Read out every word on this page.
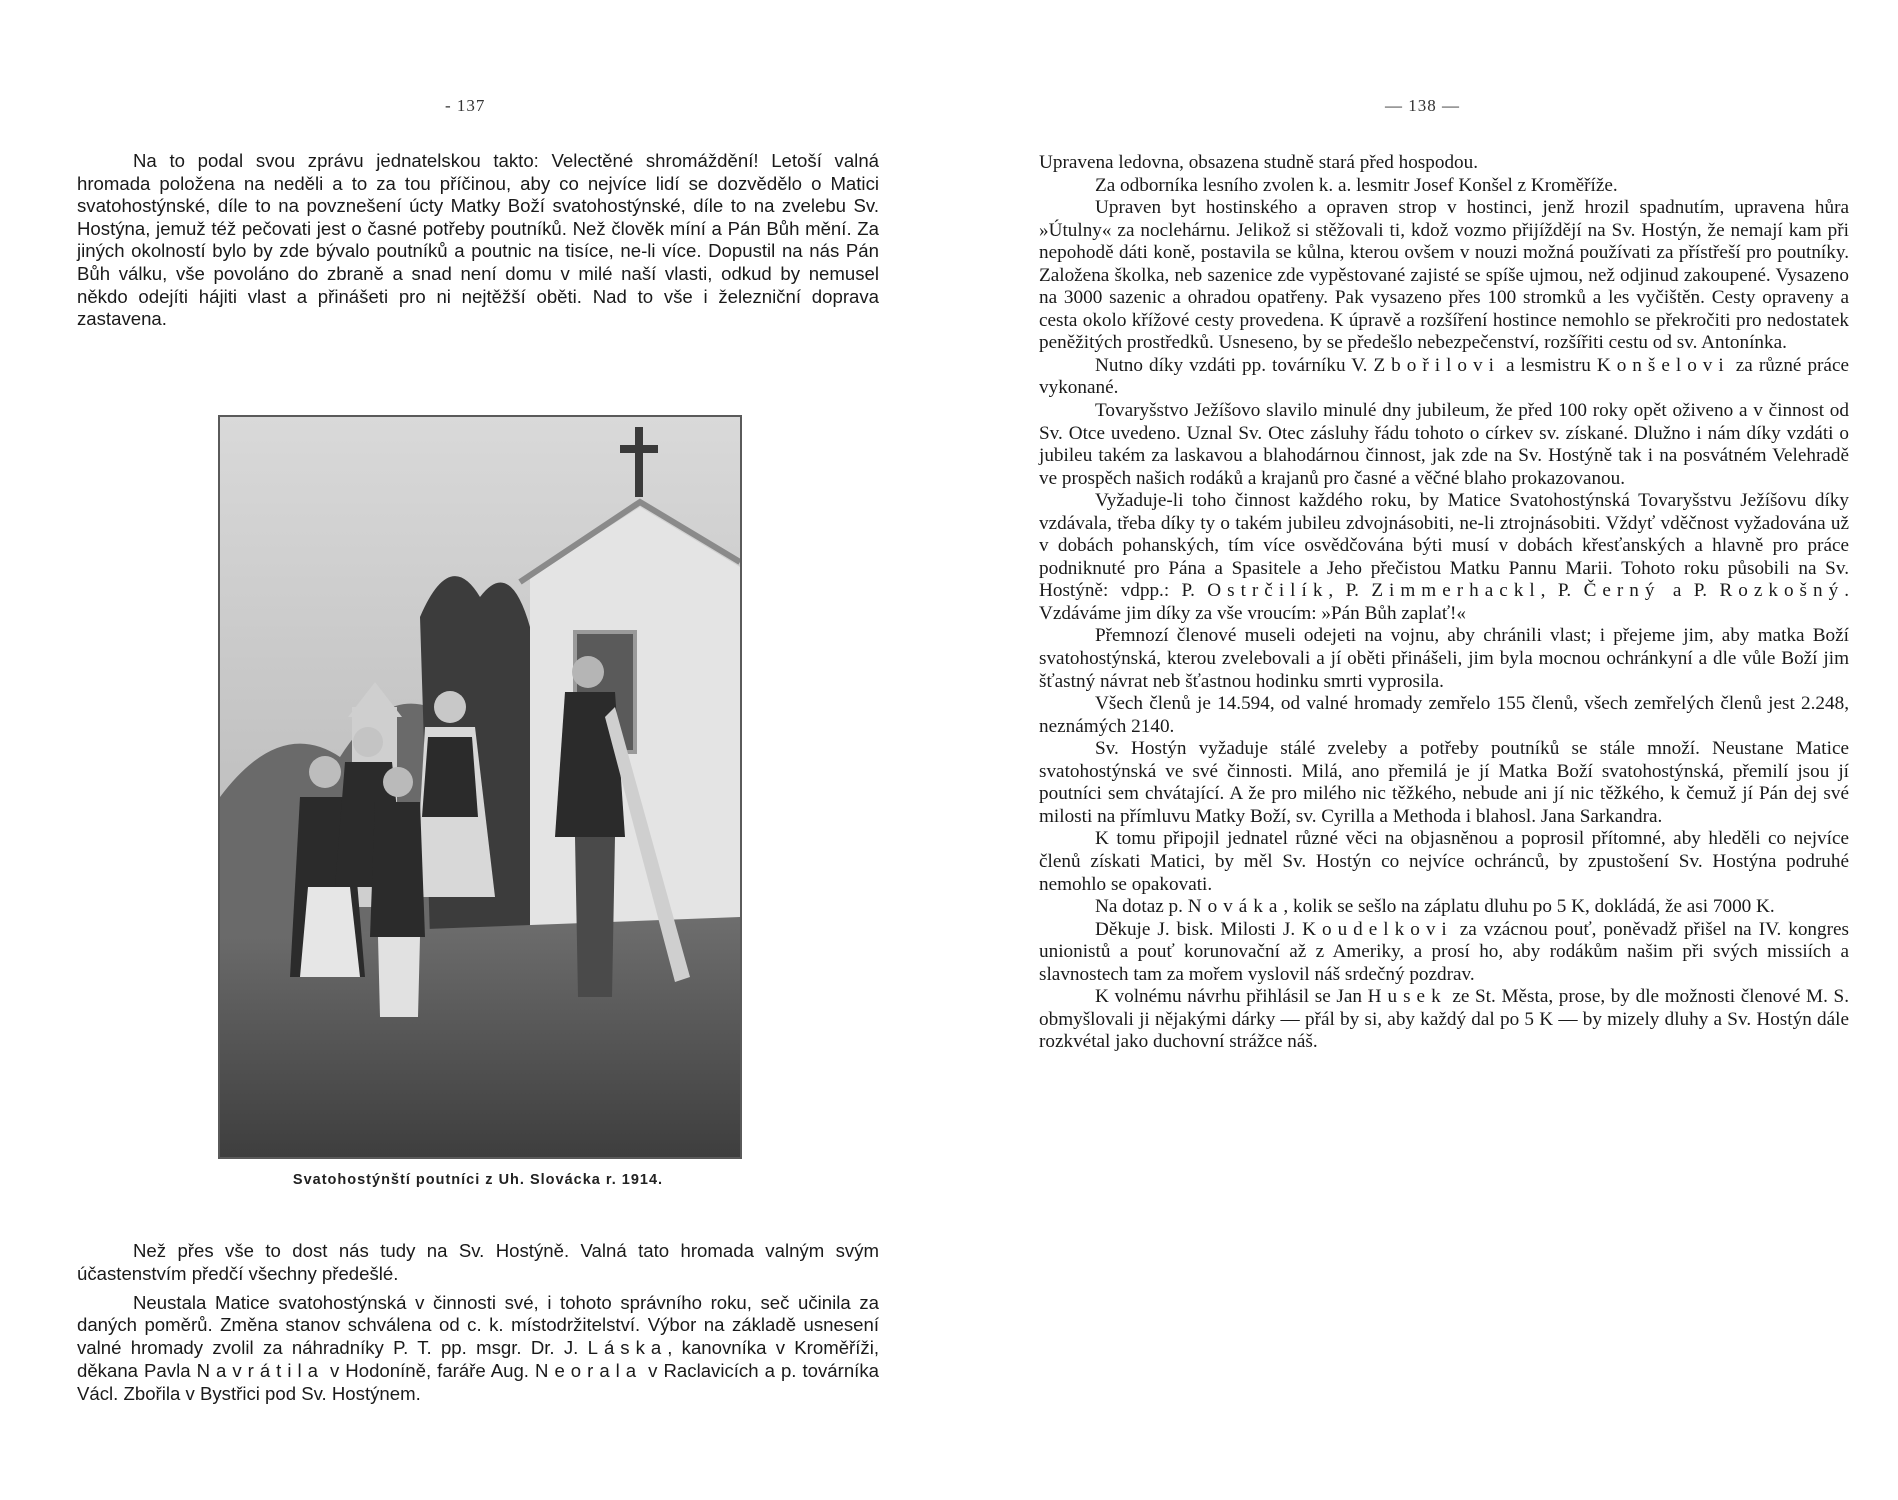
- 137

Na to podal svou zprávu jednatelskou takto: Velectěné shromáždění! Letoší valná hromada položena na neděli a to za tou příčinou, aby co nejvíce lidí se dozvědělo o Matici svatohostýnské, díle to na povznešení úcty Matky Boží svatohostýnské, díle to na zvelebu Sv. Hostýna, jemuž též pečovati jest o časné potřeby poutníků. Než člověk míní a Pán Bůh mění. Za jiných okolností bylo by zde bývalo poutníků a poutnic na tisíce, ne-li více. Dopustil na nás Pán Bůh válku, vše povoláno do zbraně a snad není domu v milé naší vlasti, odkud by nemusel někdo odejíti hájiti vlast a přinášeti pro ni nejtěžší oběti. Nad to vše i železniční doprava zastavena.

Svatohostýnští poutníci z Uh. Slovácka r. 1914.

Než přes vše to dost nás tudy na Sv. Hostýně. Valná tato hromada valným svým účastenstvím předčí všechny předešlé.

Neustala Matice svatohostýnská v činnosti své, i tohoto správního roku, seč učinila za daných poměrů. Změna stanov schválena od c. k. místodržitelství. Výbor na základě usnesení valné hromady zvolil za náhradníky P. T. pp. msgr. Dr. J. Láska, kanovníka v Kroměříži, děkana Pavla Navrátila v Hodoníně, faráře Aug. Neorala v Raclavicích a p. továrníka Václ. Zbořila v Bystřici pod Sv. Hostýnem.

— 138 —

Upravena ledovna, obsazena studně stará před hospodou.

Za odborníka lesního zvolen k. a. lesmitr Josef Konšel z Kroměříže.

Upraven byt hostinského a opraven strop v hostinci, jenž hrozil spadnutím, upravena hůra »Útulny« za noclehárnu. Jelikož si stěžovali ti, kdož vozmo přijíždějí na Sv. Hostýn, že nemají kam při nepohodě dáti koně, postavila se kůlna, kterou ovšem v nouzi možná používati za přístřeší pro poutníky. Založena školka, neb sazenice zde vypěstované zajisté se spíše ujmou, než odjinud zakoupené. Vysazeno na 3000 sazenic a ohradou opatřeny. Pak vysazeno přes 100 stromků a les vyčištěn. Cesty opraveny a cesta okolo křížové cesty provedena. K úpravě a rozšíření hostince nemohlo se překročiti pro nedostatek peněžitých prostředků. Usneseno, by se předešlo nebezpečenství, rozšířiti cestu od sv. Antonínka.

Nutno díky vzdáti pp. továrníku V. Zbořilovi a lesmistru Konšelovi za různé práce vykonané.

Tovaryšstvo Ježíšovo slavilo minulé dny jubileum, že před 100 roky opět oživeno a v činnost od Sv. Otce uvedeno. Uznal Sv. Otec zásluhy řádu tohoto o církev sv. získané. Dlužno i nám díky vzdáti o jubileu takém za laskavou a blahodárnou činnost, jak zde na Sv. Hostýně tak i na posvátném Velehradě ve prospěch našich rodáků a krajanů pro časné a věčné blaho prokazovanou.

Vyžaduje-li toho činnost každého roku, by Matice Svatohostýnská Tovaryšstvu Ježíšovu díky vzdávala, třeba díky ty o takém jubileu zdvojnásobiti, ne-li ztrojnásobiti. Vždyť vděčnost vyžadována už v dobách pohanských, tím více osvědčována býti musí v dobách křesťanských a hlavně pro práce podniknuté pro Pána a Spasitele a Jeho přečistou Matku Pannu Marii. Tohoto roku působili na Sv. Hostýně: vdpp.: P. Ostrčilík, P. Zimmerhackl, P. Černý a P. Rozkošný. Vzdáváme jim díky za vše vroucím: »Pán Bůh zaplať!«

Přemnozí členové museli odejeti na vojnu, aby chránili vlast; i přejeme jim, aby matka Boží svatohostýnská, kterou zvelebovali a jí oběti přinášeli, jim byla mocnou ochránkyní a dle vůle Boží jim šťastný návrat neb šťastnou hodinku smrti vyprosila.

Všech členů je 14.594, od valné hromady zemřelo 155 členů, všech zemřelých členů jest 2.248, neznámých 2140.

Sv. Hostýn vyžaduje stálé zveleby a potřeby poutníků se stále množí. Neustane Matice svatohostýnská ve své činnosti. Milá, ano přemilá je jí Matka Boží svatohostýnská, přemilí jsou jí poutníci sem chvátající. A že pro milého nic těžkého, nebude ani jí nic těžkého, k čemuž jí Pán dej své milosti na přímluvu Matky Boží, sv. Cyrilla a Methoda i blahosl. Jana Sarkandra.

K tomu připojil jednatel různé věci na objasněnou a poprosil přítomné, aby hleděli co nejvíce členů získati Matici, by měl Sv. Hostýn co nejvíce ochránců, by zpustošení Sv. Hostýna podruhé nemohlo se opakovati.

Na dotaz p. Nováka, kolik se sešlo na záplatu dluhu po 5 K, dokládá, že asi 7000 K.

Děkuje J. bisk. Milosti J. Koudelkovi za vzácnou pouť, poněvadž přišel na IV. kongres unionistů a pouť korunovační až z Ameriky, a prosí ho, aby rodákům našim při svých missiích a slavnostech tam za mořem vyslovil náš srdečný pozdrav.

K volnému návrhu přihlásil se Jan Husek ze St. Města, prose, by dle možnosti členové M. S. obmyšlovali ji nějakými dárky — přál by si, aby každý dal po 5 K — by mizely dluhy a Sv. Hostýn dále rozkvétal jako duchovní strážce náš.
